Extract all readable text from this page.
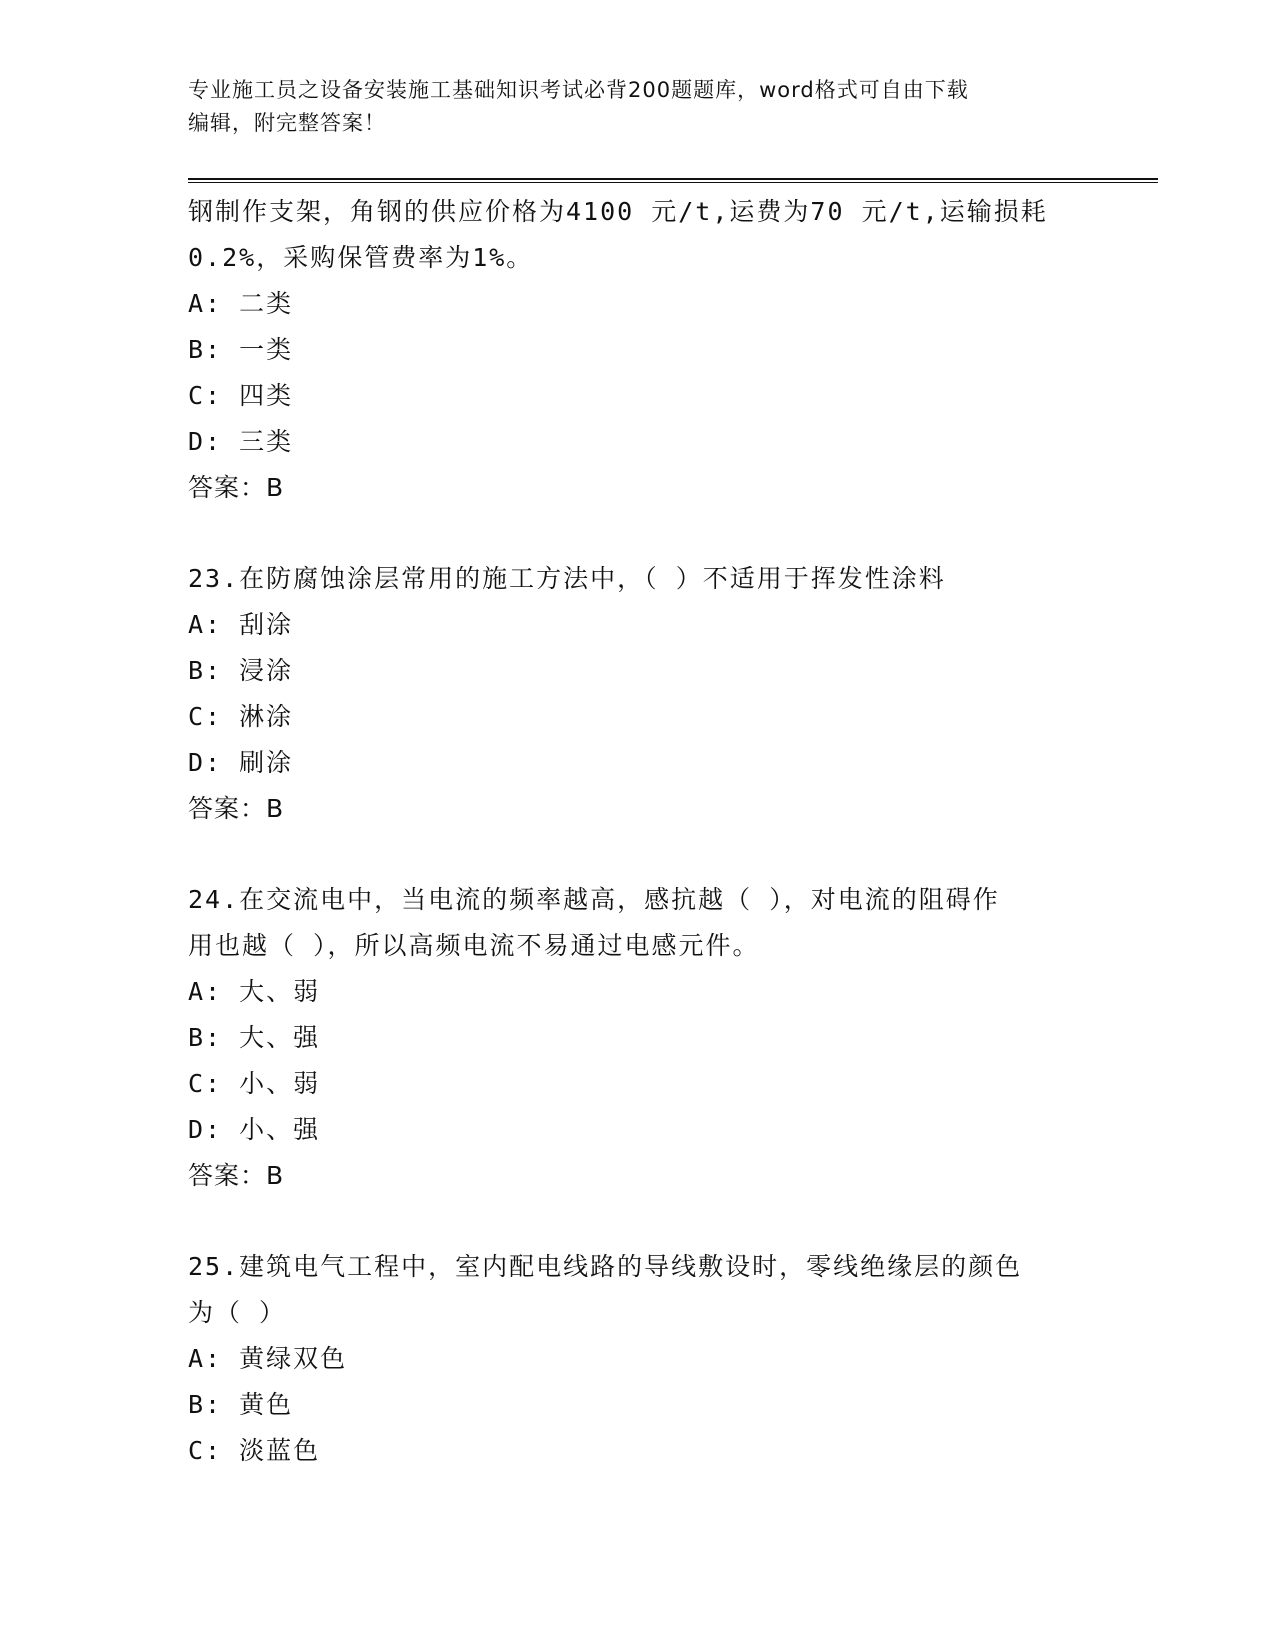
专业施工员之设备安装施工基础知识考试必背200题题库，word格式可自由下载
编辑，附完整答案！
钢制作支架，角钢的供应价格为4100 元/t,运费为70 元/t,运输损耗
0.2%，采购保管费率为1%。
A: 二类
B: 一类
C: 四类
D: 三类
答案：B
23.在防腐蚀涂层常用的施工方法中，（ ）不适用于挥发性涂料
A: 刮涂
B: 浸涂
C: 淋涂
D: 刷涂
答案：B
24.在交流电中，当电流的频率越高，感抗越（ ），对电流的阻碍作
用也越（ ），所以高频电流不易通过电感元件。
A: 大、弱
B: 大、强
C: 小、弱
D: 小、强
答案：B
25.建筑电气工程中，室内配电线路的导线敷设时，零线绝缘层的颜色
为（ ）
A: 黄绿双色
B: 黄色
C: 淡蓝色
